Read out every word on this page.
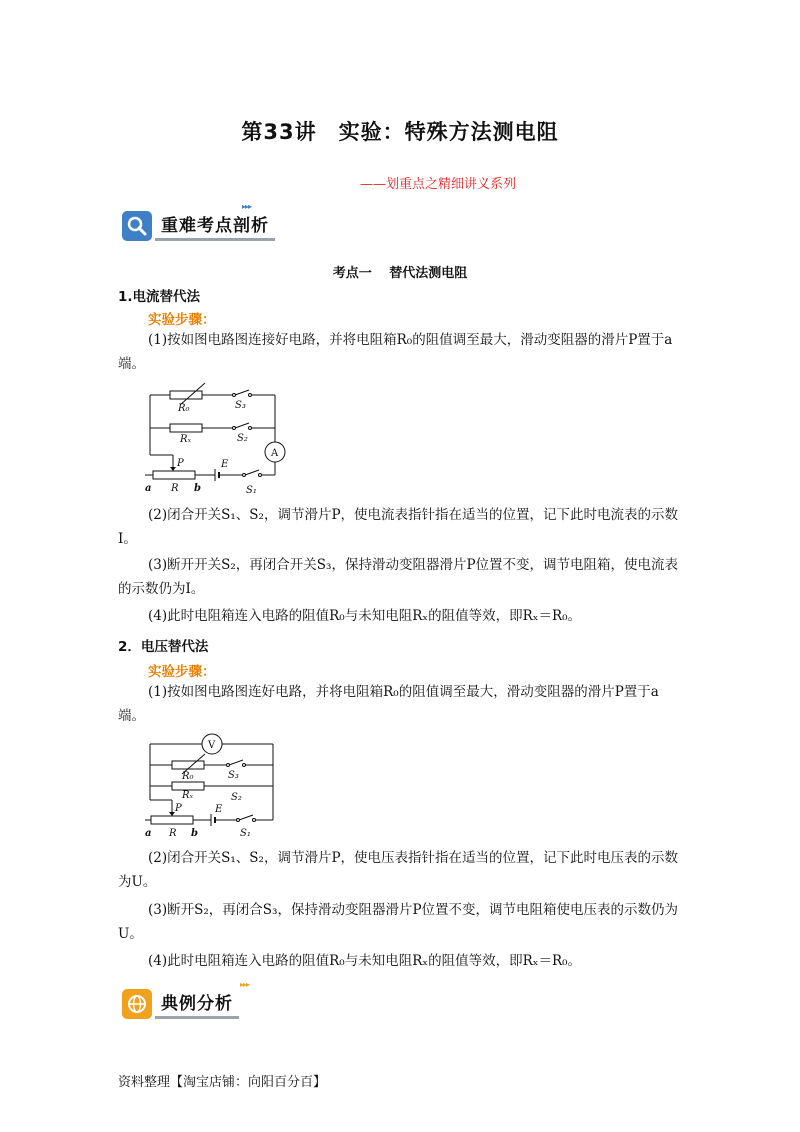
第33讲　实验：特殊方法测电阻
——划重点之精细讲义系列
重难考点剖析
▸▸▸
考点一　 替代法测电阻
1.电流替代法
实验步骤：
(1)按如图电路图连接好电路，并将电阻箱R₀的阻值调至最大，滑动变阻器的滑片P置于a端。
R₀	S₃
Rₓ	S₂
A
P	E
a R b	S₁
(2)闭合开关S₁、S₂，调节滑片P，使电流表指针指在适当的位置，记下此时电流表的示数I。
(3)断开开关S₂，再闭合开关S₃，保持滑动变阻器滑片P位置不变，调节电阻箱，使电流表的示数仍为I。
(4)此时电阻箱连入电路的阻值R₀与未知电阻Rₓ的阻值等效，即Rₓ＝R₀。
2．电压替代法
实验步骤：
(1)按如图电路图连好电路，并将电阻箱R₀的阻值调至最大，滑动变阻器的滑片P置于a端。
V
R₀	S₃
Rₓ	S₂
P	E
a R b	S₁
(2)闭合开关S₁、S₂，调节滑片P，使电压表指针指在适当的位置，记下此时电压表的示数为U。
(3)断开S₂，再闭合S₃，保持滑动变阻器滑片P位置不变，调节电阻箱使电压表的示数仍为U。
(4)此时电阻箱连入电路的阻值R₀与未知电阻Rₓ的阻值等效，即Rₓ＝R₀。
典例分析
▸▸▸
资料整理【淘宝店铺：向阳百分百】
